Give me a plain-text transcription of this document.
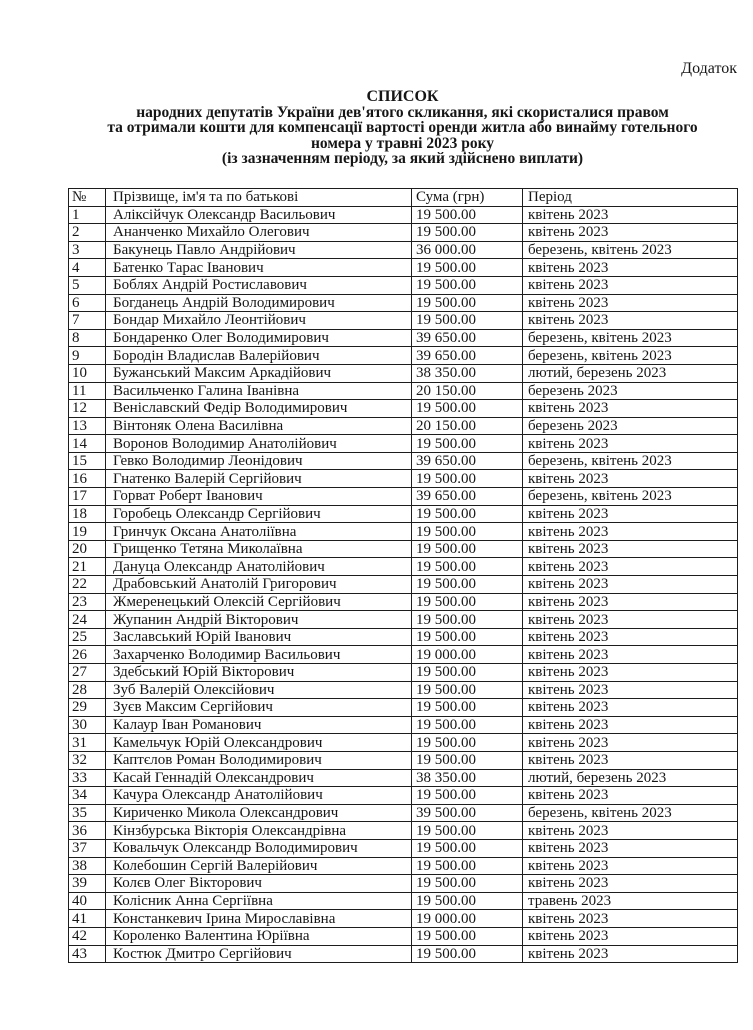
Додаток
СПИСОК
народних депутатів України дев'ятого скликання, які скористалися правом
та отримали кошти для компенсації вартості оренди житла або винайму готельного
номера у травні 2023 року
(із зазначенням періоду, за який здійснено виплати)
№	Прізвище, ім'я та по батькові	Сума (грн)	Період
1	Аліксійчук Олександр Васильович	19 500.00	квітень 2023
2	Ананченко Михайло Олегович	19 500.00	квітень 2023
3	Бакунець Павло Андрійович	36 000.00	березень, квітень 2023
4	Батенко Тарас Іванович	19 500.00	квітень 2023
5	Боблях Андрій Ростиславович	19 500.00	квітень 2023
6	Богданець Андрій Володимирович	19 500.00	квітень 2023
7	Бондар Михайло Леонтійович	19 500.00	квітень 2023
8	Бондаренко Олег Володимирович	39 650.00	березень, квітень 2023
9	Бородін Владислав Валерійович	39 650.00	березень, квітень 2023
10	Бужанський Максим Аркадійович	38 350.00	лютий, березень 2023
11	Васильченко Галина Іванівна	20 150.00	березень 2023
12	Веніславский Федір Володимирович	19 500.00	квітень 2023
13	Вінтоняк Олена Василівна	20 150.00	березень 2023
14	Воронов Володимир Анатолійович	19 500.00	квітень 2023
15	Гевко Володимир Леонідович	39 650.00	березень, квітень 2023
16	Гнатенко Валерій Сергійович	19 500.00	квітень 2023
17	Горват Роберт Іванович	39 650.00	березень, квітень 2023
18	Горобець Олександр Сергійович	19 500.00	квітень 2023
19	Гринчук Оксана Анатоліївна	19 500.00	квітень 2023
20	Грищенко Тетяна Миколаївна	19 500.00	квітень 2023
21	Дануца Олександр Анатолійович	19 500.00	квітень 2023
22	Драбовський Анатолій Григорович	19 500.00	квітень 2023
23	Жмеренецький Олексій Сергійович	19 500.00	квітень 2023
24	Жупанин Андрій Вікторович	19 500.00	квітень 2023
25	Заславський Юрій Іванович	19 500.00	квітень 2023
26	Захарченко Володимир Васильович	19 000.00	квітень 2023
27	Здебський Юрій Вікторович	19 500.00	квітень 2023
28	Зуб Валерій Олексійович	19 500.00	квітень 2023
29	Зуєв Максим Сергійович	19 500.00	квітень 2023
30	Калаур Іван Романович	19 500.00	квітень 2023
31	Камельчук Юрій Олександрович	19 500.00	квітень 2023
32	Каптєлов Роман Володимирович	19 500.00	квітень 2023
33	Касай Геннадій Олександрович	38 350.00	лютий, березень 2023
34	Качура Олександр Анатолійович	19 500.00	квітень 2023
35	Кириченко Микола Олександрович	39 500.00	березень, квітень 2023
36	Кінзбурська Вікторія Олександрівна	19 500.00	квітень 2023
37	Ковальчук Олександр Володимирович	19 500.00	квітень 2023
38	Колебошин Сергій Валерійович	19 500.00	квітень 2023
39	Колєв Олег Вікторович	19 500.00	квітень 2023
40	Колісник Анна Сергіївна	19 500.00	травень 2023
41	Констанкевич Ірина Мирославівна	19 000.00	квітень 2023
42	Короленко Валентина Юріївна	19 500.00	квітень 2023
43	Костюк Дмитро Сергійович	19 500.00	квітень 2023
